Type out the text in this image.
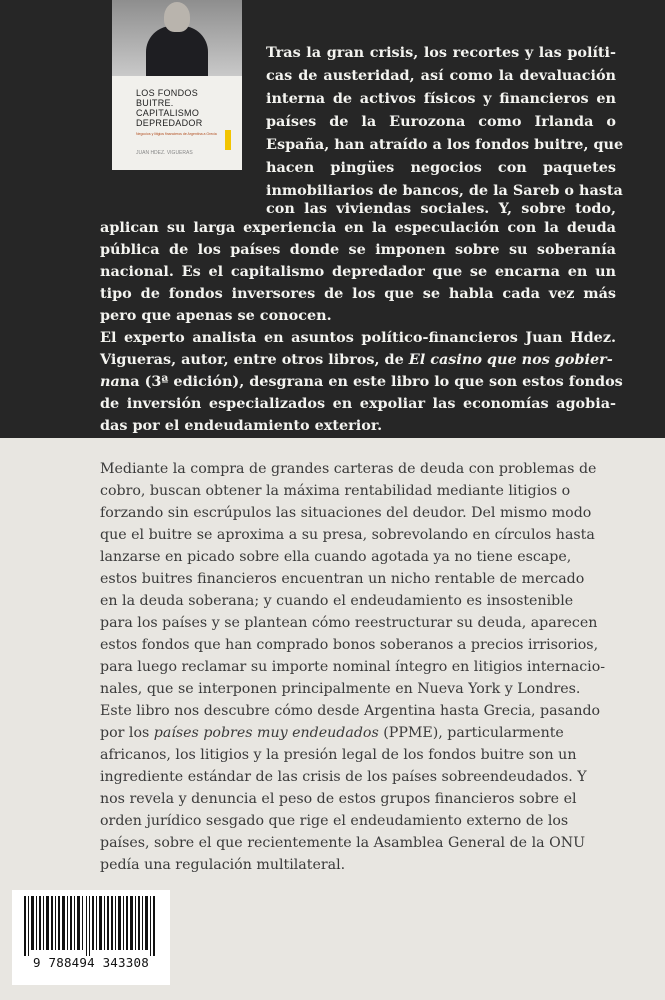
LOS FONDOS
BUITRE.
CAPITALISMO
DEPREDADOR
Negocios y litigios financieros de Argentina a Grecia
JUAN HDEZ. VIGUERAS
Tras la gran crisis, los recortes y las políti-
cas de austeridad, así como la devaluación
interna de activos físicos y financieros en
países de la Eurozona como Irlanda o
España, han atraído a los fondos buitre, que
hacen pingües negocios con paquetes
inmobiliarios de bancos, de la Sareb o hasta
con las viviendas sociales. Y, sobre todo,
aplican su larga experiencia en la especulación con la deuda
pública de los países donde se imponen sobre su soberanía
nacional. Es el capitalismo depredador que se encarna en un
tipo de fondos inversores de los que se habla cada vez más
pero que apenas se conocen.
El experto analista en asuntos político-financieros Juan Hdez.
Vigueras, autor, entre otros libros, de El casino que nos gobier-
nana (3ª edición), desgrana en este libro lo que son estos fondos
de inversión especializados en expoliar las economías agobia-
das por el endeudamiento exterior.
Mediante la compra de grandes carteras de deuda con problemas de
cobro, buscan obtener la máxima rentabilidad mediante litigios o
forzando sin escrúpulos las situaciones del deudor. Del mismo modo
que el buitre se aproxima a su presa, sobrevolando en círculos hasta
lanzarse en picado sobre ella cuando agotada ya no tiene escape,
estos buitres financieros encuentran un nicho rentable de mercado
en la deuda soberana; y cuando el endeudamiento es insostenible
para los países y se plantean cómo reestructurar su deuda, aparecen
estos fondos que han comprado bonos soberanos a precios irrisorios,
para luego reclamar su importe nominal íntegro en litigios internacio-
nales, que se interponen principalmente en Nueva York y Londres.
Este libro nos descubre cómo desde Argentina hasta Grecia, pasando
por los países pobres muy endeudados (PPME), particularmente
africanos, los litigios y la presión legal de los fondos buitre son un
ingrediente estándar de las crisis de los países sobreendeudados. Y
nos revela y denuncia el peso de estos grupos financieros sobre el
orden jurídico sesgado que rige el endeudamiento externo de los
países, sobre el que recientemente la Asamblea General de la ONU
pedía una regulación multilateral.
9 788494 343308
